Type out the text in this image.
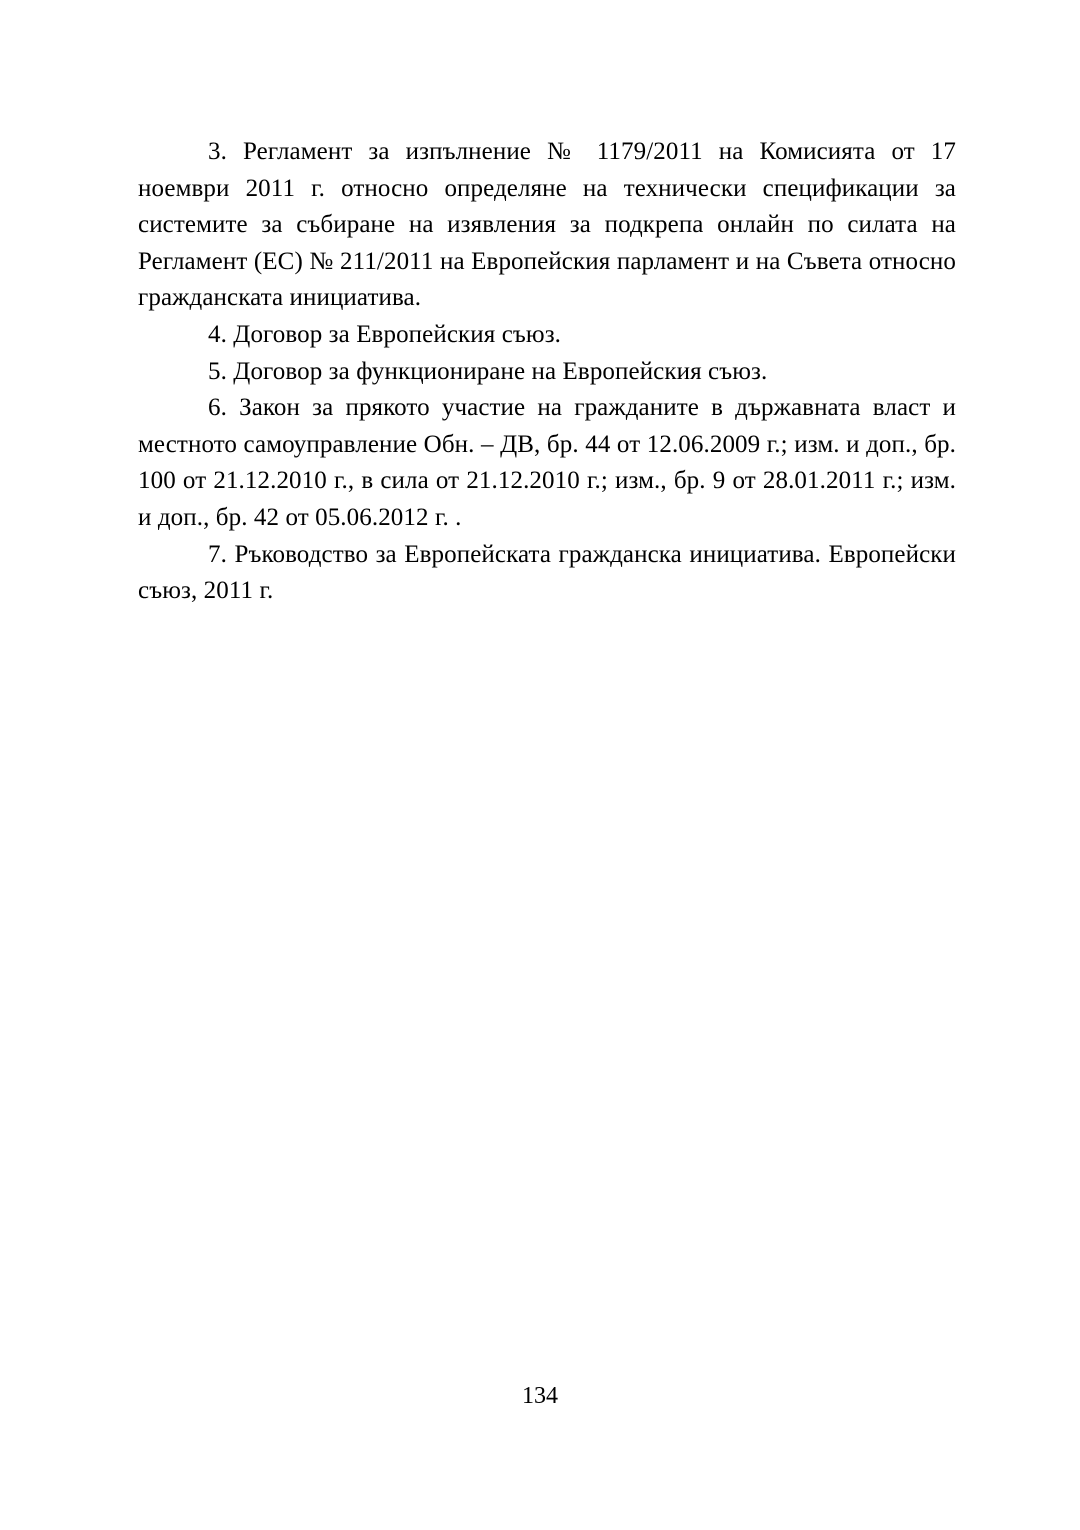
3. Регламент за изпълнение № 1179/2011 на Комисията от 17 ноември 2011 г. относно определяне на технически спецификации за системите за събиране на изявления за подкрепа онлайн по силата на Регламент (ЕС) № 211/2011 на Европейския парламент и на Съвета относно гражданската инициатива.

4. Договор за Европейския съюз.

5. Договор за функциониране на Европейския съюз.

6. Закон за прякото участие на гражданите в държавната власт и местното самоуправление Обн. – ДВ, бр. 44 от 12.06.2009 г.; изм. и доп., бр. 100 от 21.12.2010 г., в сила от 21.12.2010 г.; изм., бр. 9 от 28.01.2011 г.; изм. и доп., бр. 42 от 05.06.2012 г. .

7. Ръководство за Европейската гражданска инициатива. Европейски съюз, 2011 г.

134
